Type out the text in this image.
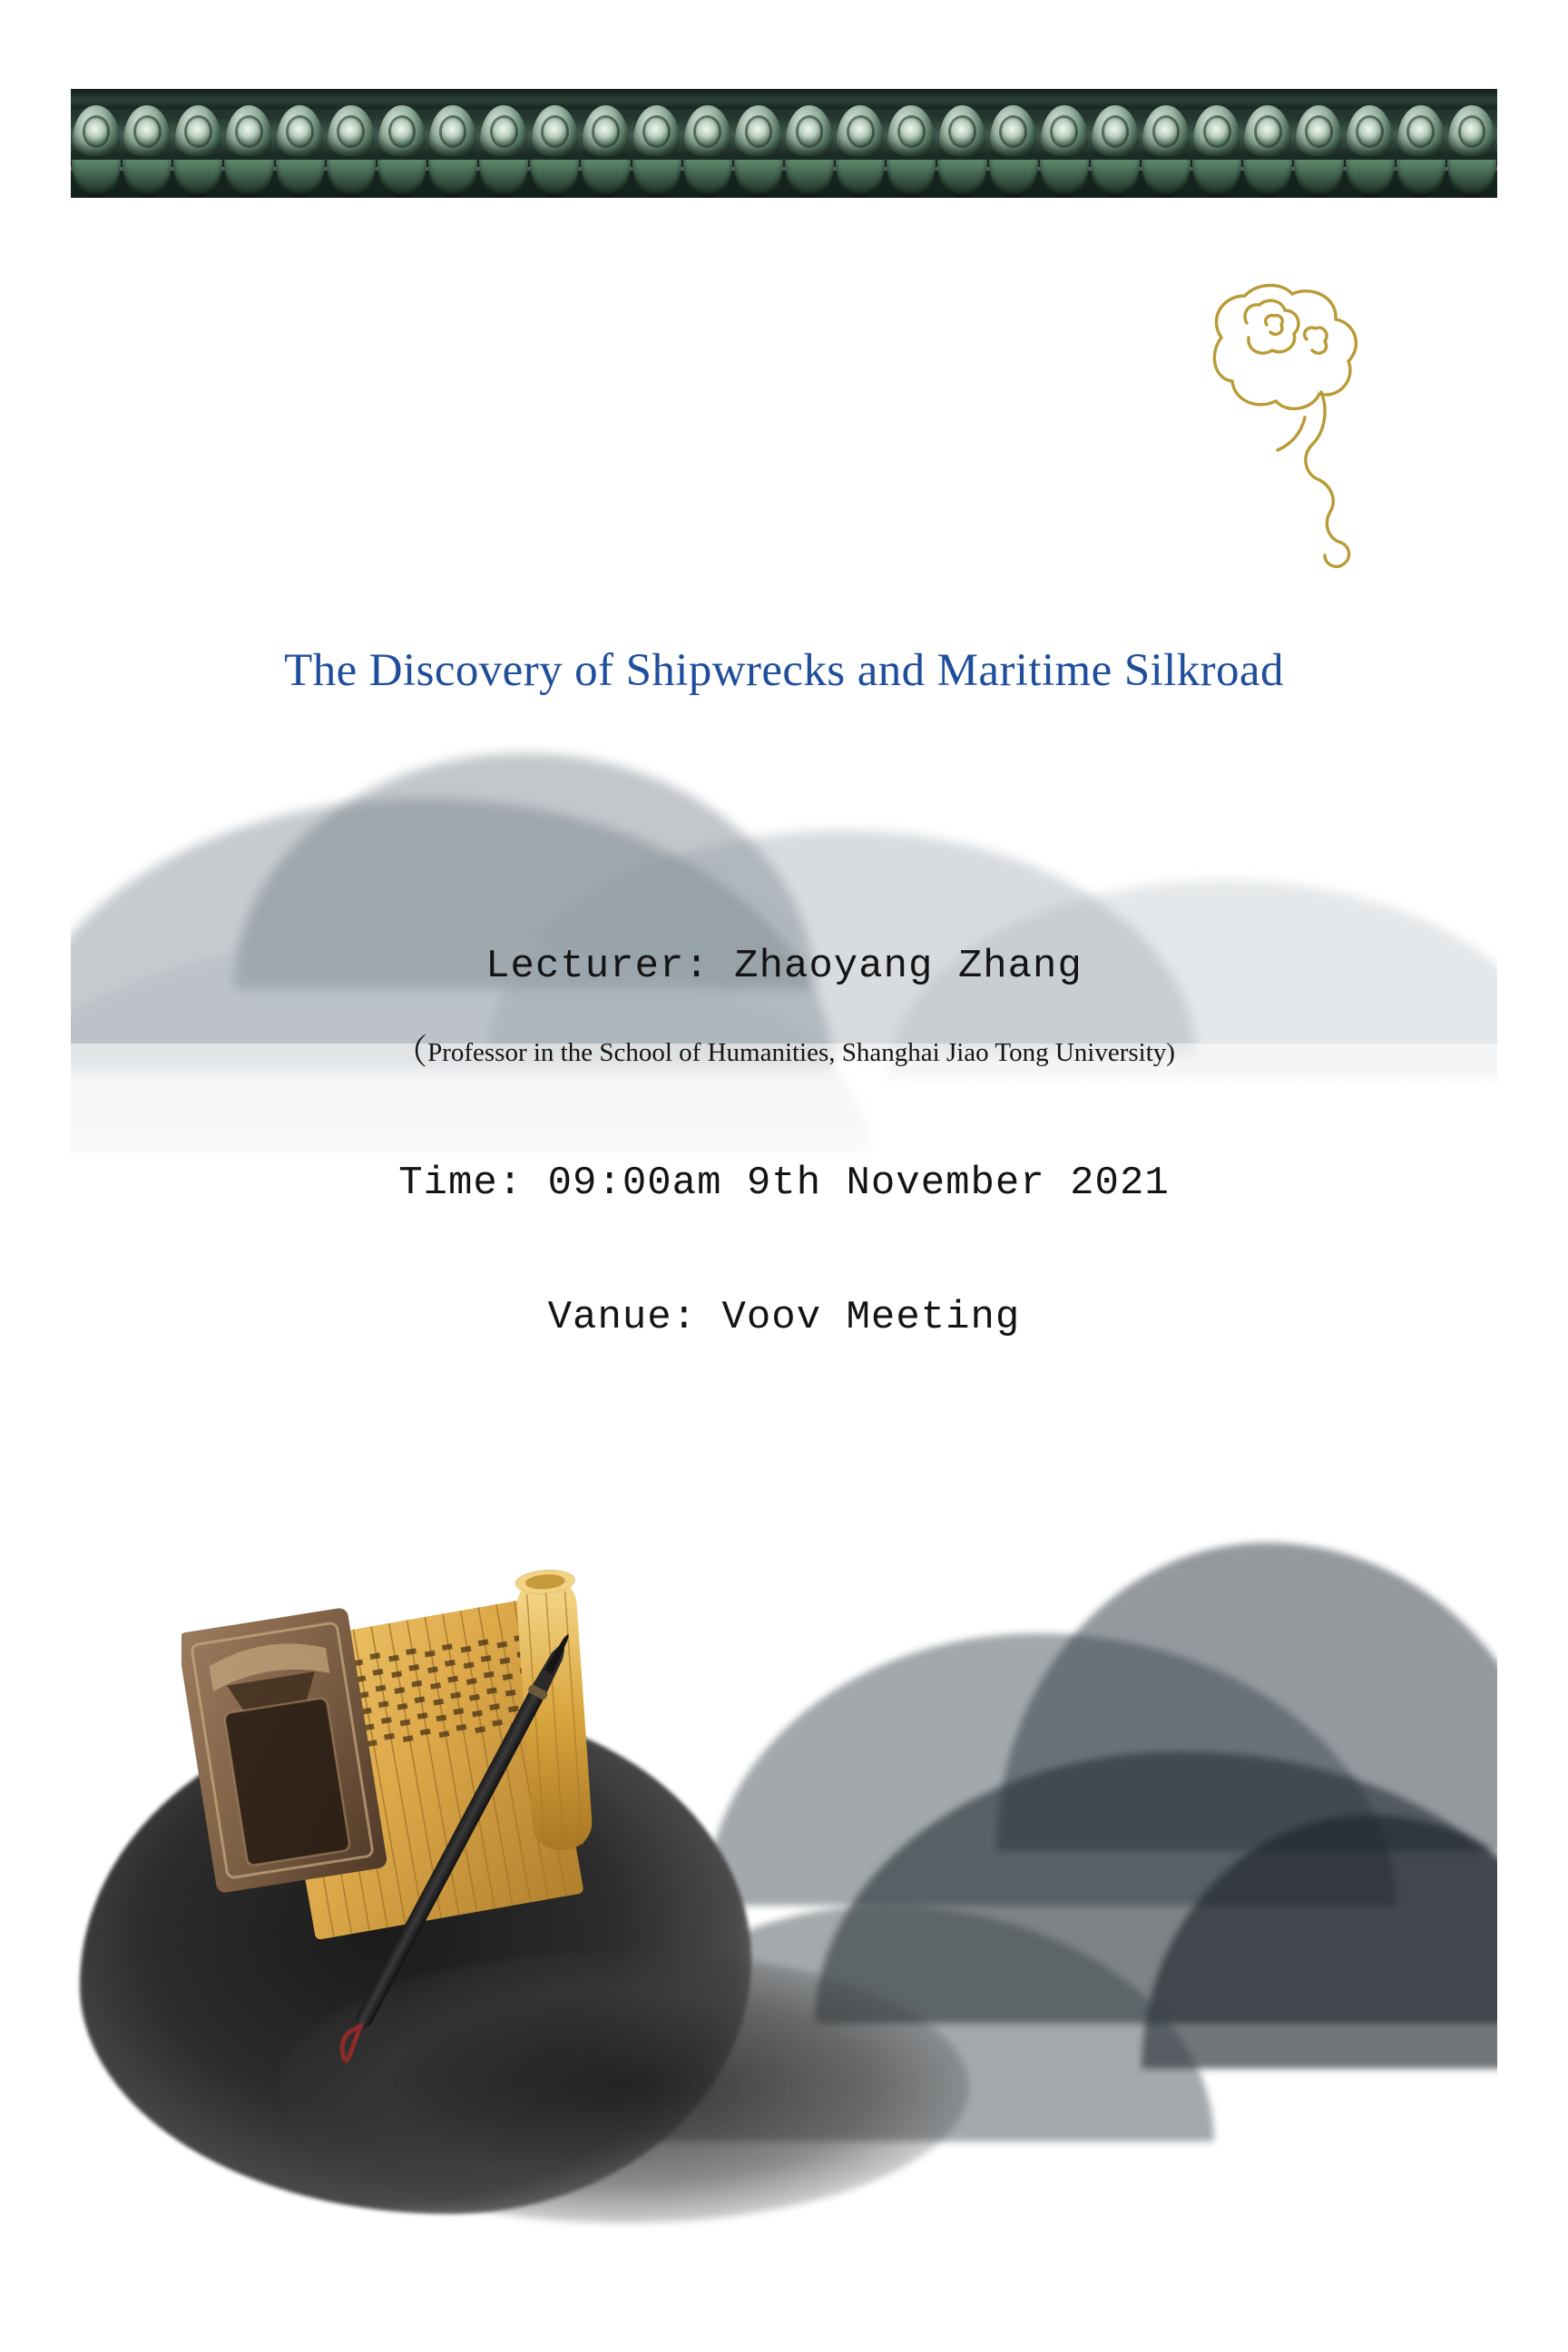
The Discovery of Shipwrecks and Maritime Silkroad
Lecturer: Zhaoyang Zhang
（Professor in the School of Humanities, Shanghai Jiao Tong University)
Time: 09:00am 9th November 2021
Vanue: Voov Meeting
